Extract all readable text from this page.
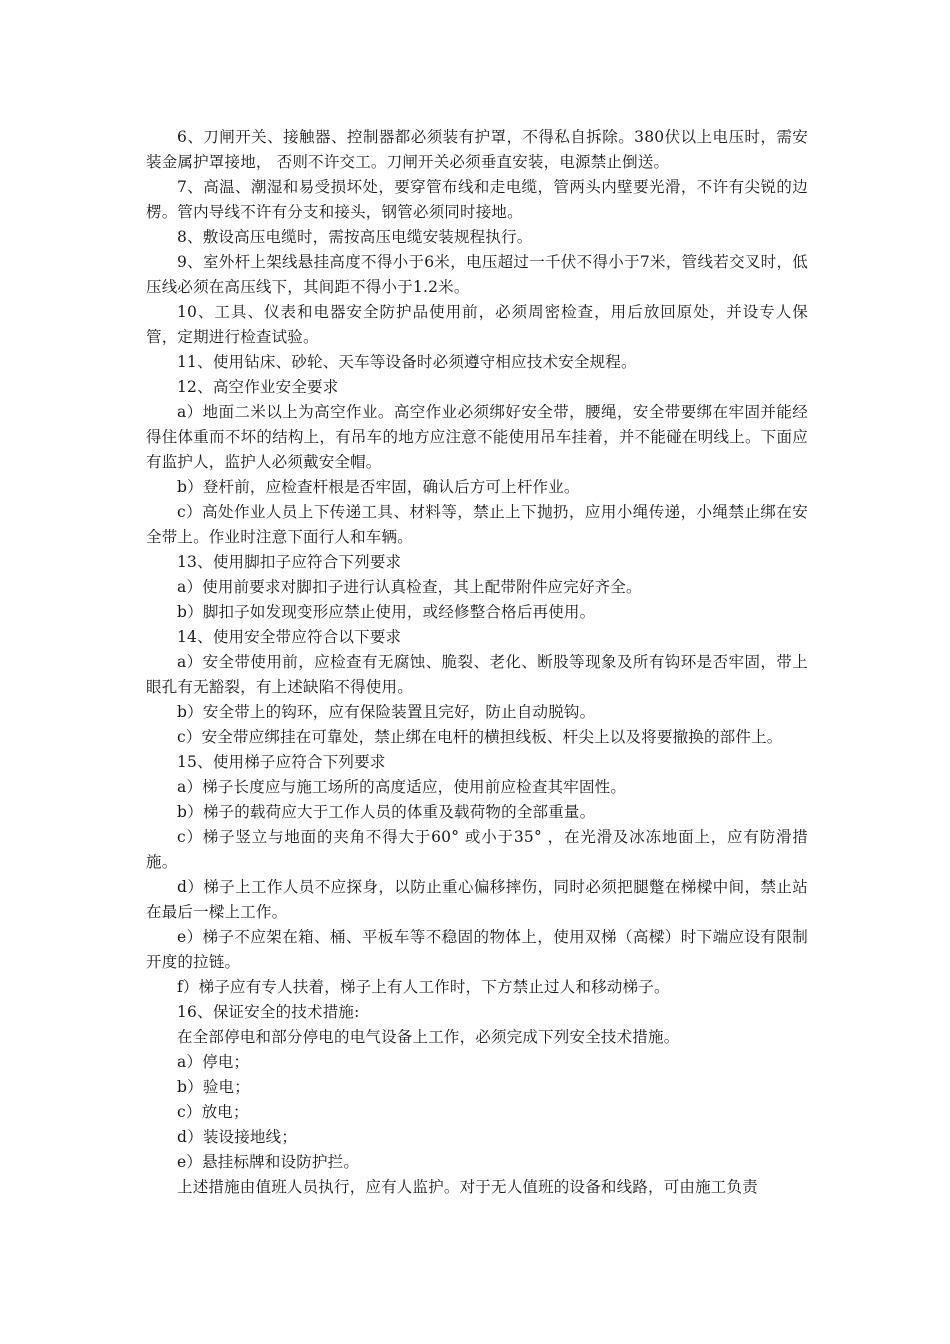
6、刀闸开关、接触器、控制器都必须装有护罩，不得私自拆除。380伏以上电压时，需安装金属护罩接地， 否则不许交工。刀闸开关必须垂直安装，电源禁止倒送。

7、高温、潮湿和易受损坏处，要穿管布线和走电缆，管两头内壁要光滑，不许有尖锐的边楞。管内导线不许有分支和接头，钢管必须同时接地。

8、敷设高压电缆时，需按高压电缆安装规程执行。

9、室外杆上架线悬挂高度不得小于6米，电压超过一千伏不得小于7米，管线若交叉时，低压线必须在高压线下，其间距不得小于1.2米。

10、工具、仪表和电器安全防护品使用前，必须周密检查，用后放回原处，并设专人保管，定期进行检查试验。

11、使用钻床、砂轮、天车等设备时必须遵守相应技术安全规程。

12、高空作业安全要求

a）地面二米以上为高空作业。高空作业必须绑好安全带，腰绳，安全带要绑在牢固并能经得住体重而不坏的结构上，有吊车的地方应注意不能使用吊车挂着，并不能碰在明线上。下面应有监护人，监护人必须戴安全帽。

b）登杆前，应检查杆根是否牢固，确认后方可上杆作业。

c）高处作业人员上下传递工具、材料等，禁止上下抛扔，应用小绳传递，小绳禁止绑在安全带上。作业时注意下面行人和车辆。

13、使用脚扣子应符合下列要求

a）使用前要求对脚扣子进行认真检查，其上配带附件应完好齐全。

b）脚扣子如发现变形应禁止使用，或经修整合格后再使用。

14、使用安全带应符合以下要求

a）安全带使用前，应检查有无腐蚀、脆裂、老化、断股等现象及所有钩环是否牢固，带上眼孔有无豁裂，有上述缺陷不得使用。

b）安全带上的钩环，应有保险装置且完好，防止自动脱钩。

c）安全带应绑挂在可靠处，禁止绑在电杆的横担线板、杆尖上以及将要撤换的部件上。

15、使用梯子应符合下列要求

a）梯子长度应与施工场所的高度适应，使用前应检查其牢固性。

b）梯子的载荷应大于工作人员的体重及载荷物的全部重量。

c）梯子竖立与地面的夹角不得大于60° 或小于35° ，在光滑及冰冻地面上，应有防滑措施。

d）梯子上工作人员不应探身，以防止重心偏移摔伤，同时必须把腿蹩在梯樑中间，禁止站在最后一樑上工作。

e）梯子不应架在箱、桶、平板车等不稳固的物体上，使用双梯（高樑）时下端应设有限制开度的拉链。

f）梯子应有专人扶着，梯子上有人工作时，下方禁止过人和移动梯子。

16、保证安全的技术措施:

在全部停电和部分停电的电气设备上工作，必须完成下列安全技术措施。

a）停电；

b）验电；

c）放电；

d）装设接地线；

e）悬挂标牌和设防护拦。

上述措施由值班人员执行，应有人监护。对于无人值班的设备和线路，可由施工负责
